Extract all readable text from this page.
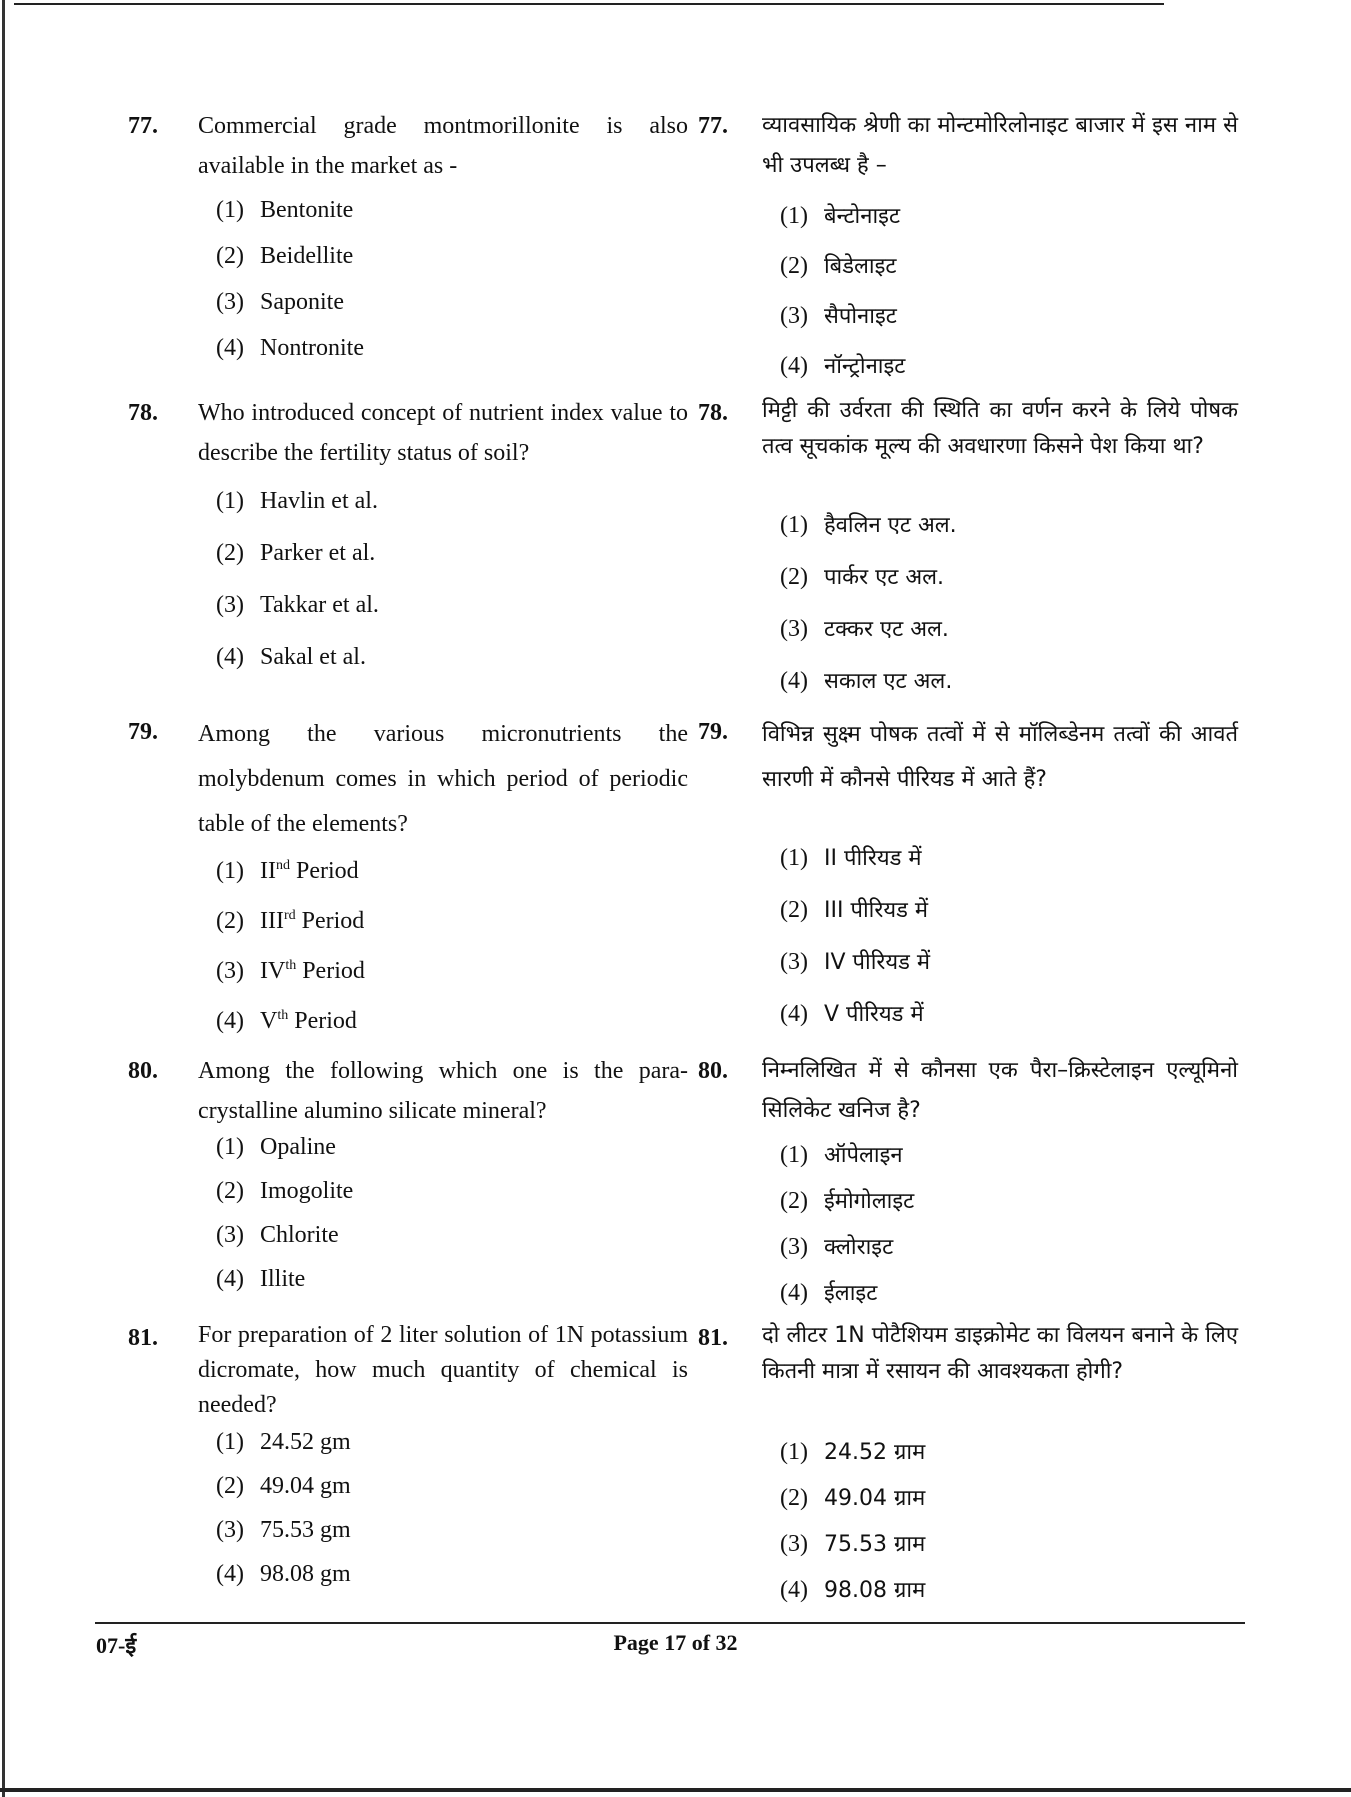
77. Commercial grade montmorillonite is also available in the market as -
(1) Bentonite
(2) Beidellite
(3) Saponite
(4) Nontronite
78. Who introduced concept of nutrient index value to describe the fertility status of soil?
(1) Havlin et al.
(2) Parker et al.
(3) Takkar et al.
(4) Sakal et al.
79. Among the various micronutrients the molybdenum comes in which period of periodic table of the elements?
(1) IInd Period
(2) IIIrd Period
(3) IVth Period
(4) Vth Period
80. Among the following which one is the para-crystalline alumino silicate mineral?
(1) Opaline
(2) Imogolite
(3) Chlorite
(4) Illite
81. For preparation of 2 liter solution of 1N potassium dicromate, how much quantity of chemical is needed?
(1) 24.52 gm
(2) 49.04 gm
(3) 75.53 gm
(4) 98.08 gm
77. व्यावसायिक श्रेणी का मोन्टमोरिलोनाइट बाजार में इस नाम से भी उपलब्ध है –
(1) बेन्टोनाइट
(2) बिडेलाइट
(3) सैपोनाइट
(4) नॉन्ट्रोनाइट
78. मिट्टी की उर्वरता की स्थिति का वर्णन करने के लिये पोषक तत्व सूचकांक मूल्य की अवधारणा किसने पेश किया था?
(1) हैवलिन एट अल.
(2) पार्कर एट अल.
(3) टक्कर एट अल.
(4) सकाल एट अल.
79. विभिन्न सुक्ष्म पोषक तत्वों में से मॉलिब्डेनम तत्वों की आवर्त सारणी में कौनसे पीरियड में आते हैं?
(1) II पीरियड में
(2) III पीरियड में
(3) IV पीरियड में
(4) V पीरियड में
80. निम्नलिखित में से कौनसा एक पैरा–क्रिस्टेलाइन एल्यूमिनो सिलिकेट खनिज है?
(1) ऑपेलाइन
(2) ईमोगोलाइट
(3) क्लोराइट
(4) ईलाइट
81. दो लीटर 1N पोटैशियम डाइक्रोमेट का विलयन बनाने के लिए कितनी मात्रा में रसायन की आवश्यकता होगी?
(1) 24.52 ग्राम
(2) 49.04 ग्राम
(3) 75.53 ग्राम
(4) 98.08 ग्राम
07-ई	Page 17 of 32
